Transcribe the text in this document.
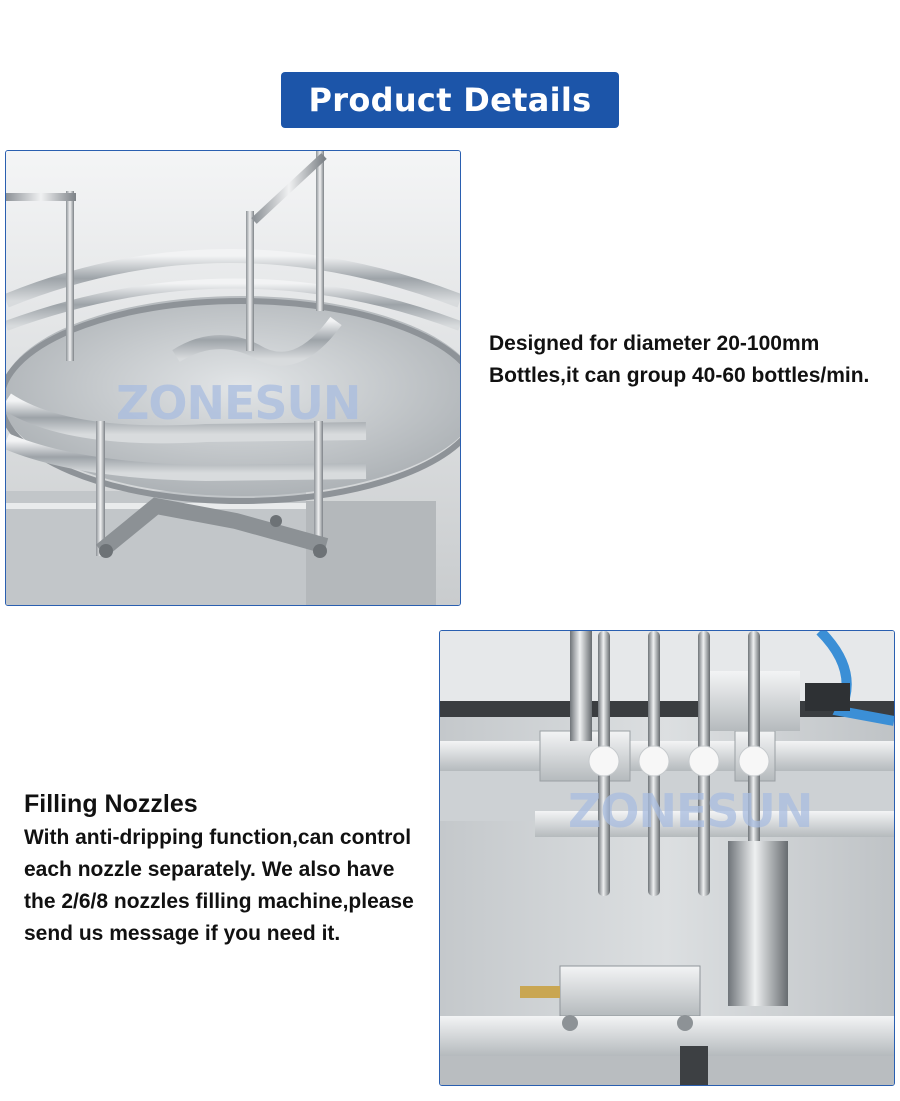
Product Details
ZONESUN
Designed for diameter 20-100mm Bottles,it can group 40-60 bottles/min.
Filling Nozzles
With anti-dripping function,can control each nozzle separately. We also have the 2/6/8 nozzles filling machine,please send us message if you need it.
ZONESUN
